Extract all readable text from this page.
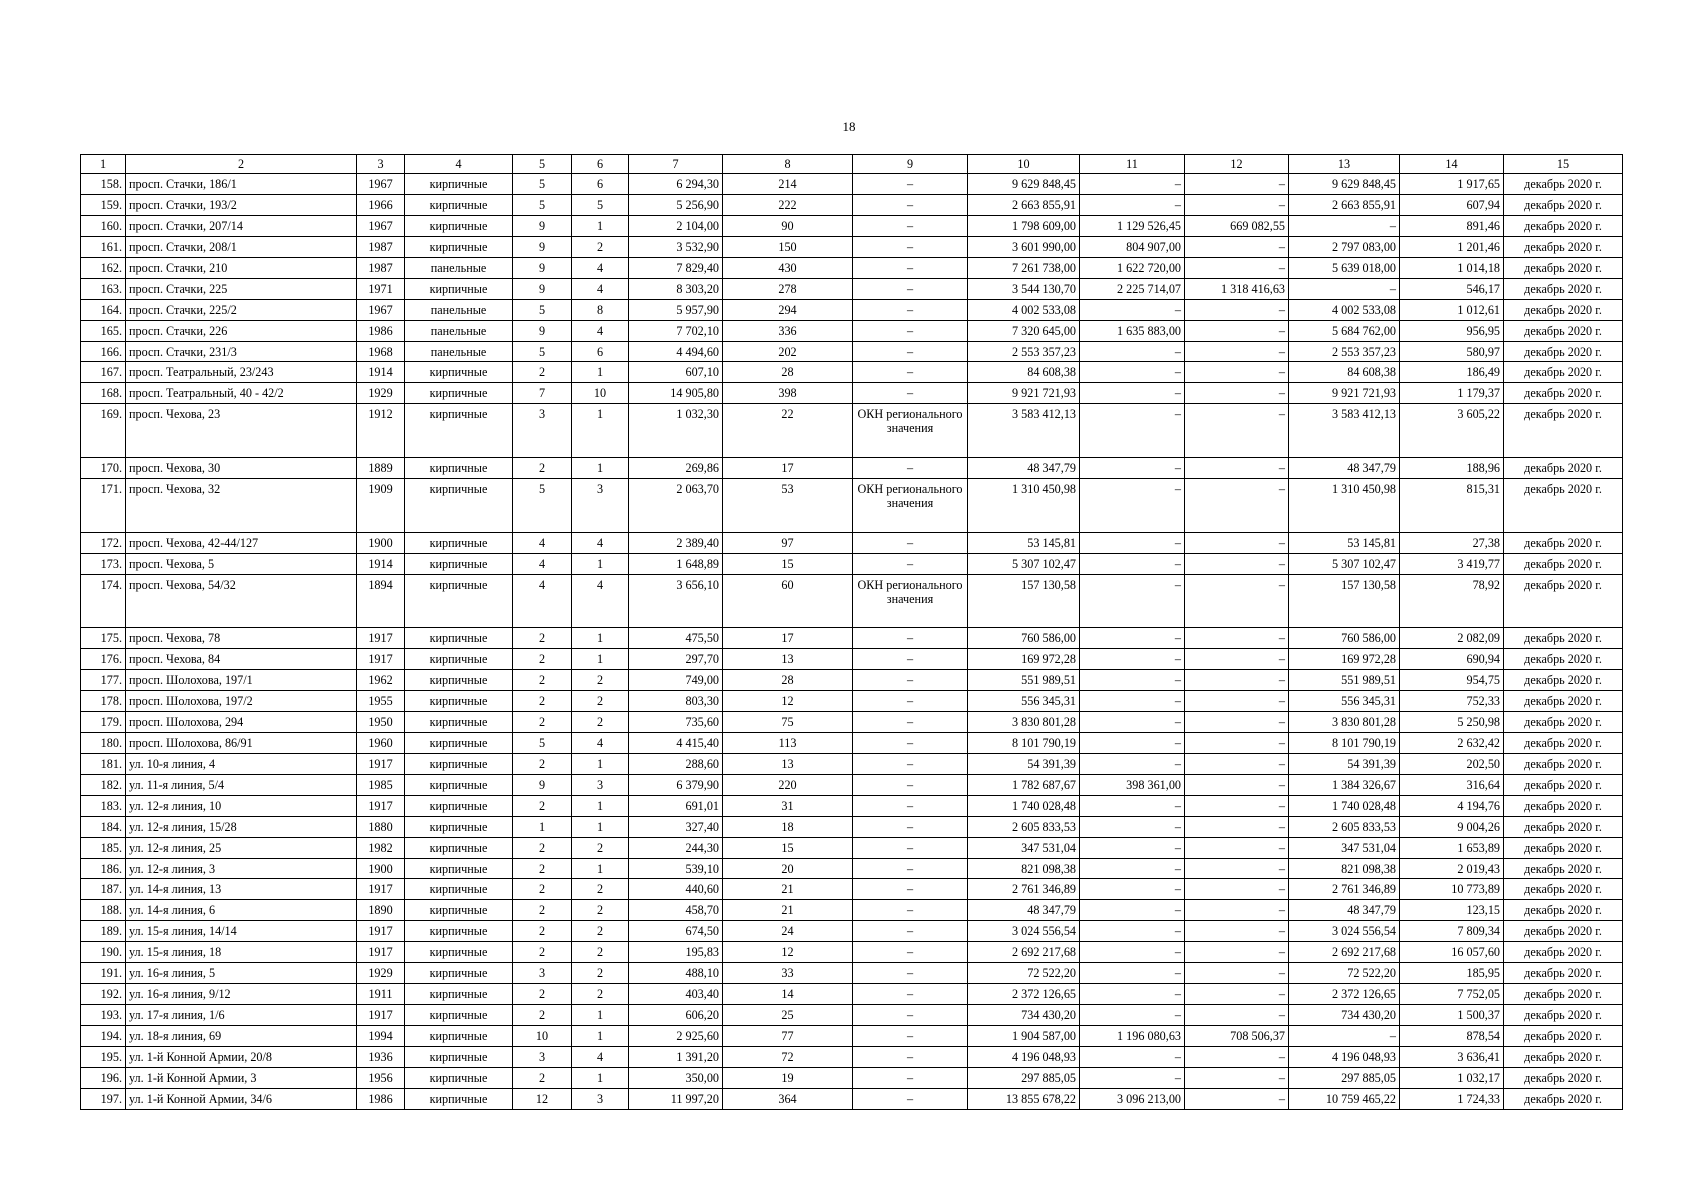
18
1	2	3	4	5	6	7	8	9	10	11	12	13	14	15
158.	просп. Стачки, 186/1	1967	кирпичные	5	6	6 294,30	214	–	9 629 848,45	–	–	9 629 848,45	1 917,65	декабрь 2020 г.
159.	просп. Стачки, 193/2	1966	кирпичные	5	5	5 256,90	222	–	2 663 855,91	–	–	2 663 855,91	607,94	декабрь 2020 г.
160.	просп. Стачки, 207/14	1967	кирпичные	9	1	2 104,00	90	–	1 798 609,00	1 129 526,45	669 082,55	–	891,46	декабрь 2020 г.
161.	просп. Стачки, 208/1	1987	кирпичные	9	2	3 532,90	150	–	3 601 990,00	804 907,00	–	2 797 083,00	1 201,46	декабрь 2020 г.
162.	просп. Стачки, 210	1987	панельные	9	4	7 829,40	430	–	7 261 738,00	1 622 720,00	–	5 639 018,00	1 014,18	декабрь 2020 г.
163.	просп. Стачки, 225	1971	кирпичные	9	4	8 303,20	278	–	3 544 130,70	2 225 714,07	1 318 416,63	–	546,17	декабрь 2020 г.
164.	просп. Стачки, 225/2	1967	панельные	5	8	5 957,90	294	–	4 002 533,08	–	–	4 002 533,08	1 012,61	декабрь 2020 г.
165.	просп. Стачки, 226	1986	панельные	9	4	7 702,10	336	–	7 320 645,00	1 635 883,00	–	5 684 762,00	956,95	декабрь 2020 г.
166.	просп. Стачки, 231/3	1968	панельные	5	6	4 494,60	202	–	2 553 357,23	–	–	2 553 357,23	580,97	декабрь 2020 г.
167.	просп. Театральный, 23/243	1914	кирпичные	2	1	607,10	28	–	84 608,38	–	–	84 608,38	186,49	декабрь 2020 г.
168.	просп. Театральный, 40 - 42/2	1929	кирпичные	7	10	14 905,80	398	–	9 921 721,93	–	–	9 921 721,93	1 179,37	декабрь 2020 г.
169.	просп. Чехова, 23	1912	кирпичные	3	1	1 032,30	22	ОКН регионального значения	3 583 412,13	–	–	3 583 412,13	3 605,22	декабрь 2020 г.
170.	просп. Чехова, 30	1889	кирпичные	2	1	269,86	17	–	48 347,79	–	–	48 347,79	188,96	декабрь 2020 г.
171.	просп. Чехова, 32	1909	кирпичные	5	3	2 063,70	53	ОКН регионального значения	1 310 450,98	–	–	1 310 450,98	815,31	декабрь 2020 г.
172.	просп. Чехова, 42-44/127	1900	кирпичные	4	4	2 389,40	97	–	53 145,81	–	–	53 145,81	27,38	декабрь 2020 г.
173.	просп. Чехова, 5	1914	кирпичные	4	1	1 648,89	15	–	5 307 102,47	–	–	5 307 102,47	3 419,77	декабрь 2020 г.
174.	просп. Чехова, 54/32	1894	кирпичные	4	4	3 656,10	60	ОКН регионального значения	157 130,58	–	–	157 130,58	78,92	декабрь 2020 г.
175.	просп. Чехова, 78	1917	кирпичные	2	1	475,50	17	–	760 586,00	–	–	760 586,00	2 082,09	декабрь 2020 г.
176.	просп. Чехова, 84	1917	кирпичные	2	1	297,70	13	–	169 972,28	–	–	169 972,28	690,94	декабрь 2020 г.
177.	просп. Шолохова, 197/1	1962	кирпичные	2	2	749,00	28	–	551 989,51	–	–	551 989,51	954,75	декабрь 2020 г.
178.	просп. Шолохова, 197/2	1955	кирпичные	2	2	803,30	12	–	556 345,31	–	–	556 345,31	752,33	декабрь 2020 г.
179.	просп. Шолохова, 294	1950	кирпичные	2	2	735,60	75	–	3 830 801,28	–	–	3 830 801,28	5 250,98	декабрь 2020 г.
180.	просп. Шолохова, 86/91	1960	кирпичные	5	4	4 415,40	113	–	8 101 790,19	–	–	8 101 790,19	2 632,42	декабрь 2020 г.
181.	ул. 10-я линия, 4	1917	кирпичные	2	1	288,60	13	–	54 391,39	–	–	54 391,39	202,50	декабрь 2020 г.
182.	ул. 11-я линия, 5/4	1985	кирпичные	9	3	6 379,90	220	–	1 782 687,67	398 361,00	–	1 384 326,67	316,64	декабрь 2020 г.
183.	ул. 12-я линия, 10	1917	кирпичные	2	1	691,01	31	–	1 740 028,48	–	–	1 740 028,48	4 194,76	декабрь 2020 г.
184.	ул. 12-я линия, 15/28	1880	кирпичные	1	1	327,40	18	–	2 605 833,53	–	–	2 605 833,53	9 004,26	декабрь 2020 г.
185.	ул. 12-я линия, 25	1982	кирпичные	2	2	244,30	15	–	347 531,04	–	–	347 531,04	1 653,89	декабрь 2020 г.
186.	ул. 12-я линия, 3	1900	кирпичные	2	1	539,10	20	–	821 098,38	–	–	821 098,38	2 019,43	декабрь 2020 г.
187.	ул. 14-я линия, 13	1917	кирпичные	2	2	440,60	21	–	2 761 346,89	–	–	2 761 346,89	10 773,89	декабрь 2020 г.
188.	ул. 14-я линия, 6	1890	кирпичные	2	2	458,70	21	–	48 347,79	–	–	48 347,79	123,15	декабрь 2020 г.
189.	ул. 15-я линия, 14/14	1917	кирпичные	2	2	674,50	24	–	3 024 556,54	–	–	3 024 556,54	7 809,34	декабрь 2020 г.
190.	ул. 15-я линия, 18	1917	кирпичные	2	2	195,83	12	–	2 692 217,68	–	–	2 692 217,68	16 057,60	декабрь 2020 г.
191.	ул. 16-я линия, 5	1929	кирпичные	3	2	488,10	33	–	72 522,20	–	–	72 522,20	185,95	декабрь 2020 г.
192.	ул. 16-я линия, 9/12	1911	кирпичные	2	2	403,40	14	–	2 372 126,65	–	–	2 372 126,65	7 752,05	декабрь 2020 г.
193.	ул. 17-я линия, 1/6	1917	кирпичные	2	1	606,20	25	–	734 430,20	–	–	734 430,20	1 500,37	декабрь 2020 г.
194.	ул. 18-я линия, 69	1994	кирпичные	10	1	2 925,60	77	–	1 904 587,00	1 196 080,63	708 506,37	–	878,54	декабрь 2020 г.
195.	ул. 1-й Конной Армии, 20/8	1936	кирпичные	3	4	1 391,20	72	–	4 196 048,93	–	–	4 196 048,93	3 636,41	декабрь 2020 г.
196.	ул. 1-й Конной Армии, 3	1956	кирпичные	2	1	350,00	19	–	297 885,05	–	–	297 885,05	1 032,17	декабрь 2020 г.
197.	ул. 1-й Конной Армии, 34/6	1986	кирпичные	12	3	11 997,20	364	–	13 855 678,22	3 096 213,00	–	10 759 465,22	1 724,33	декабрь 2020 г.
